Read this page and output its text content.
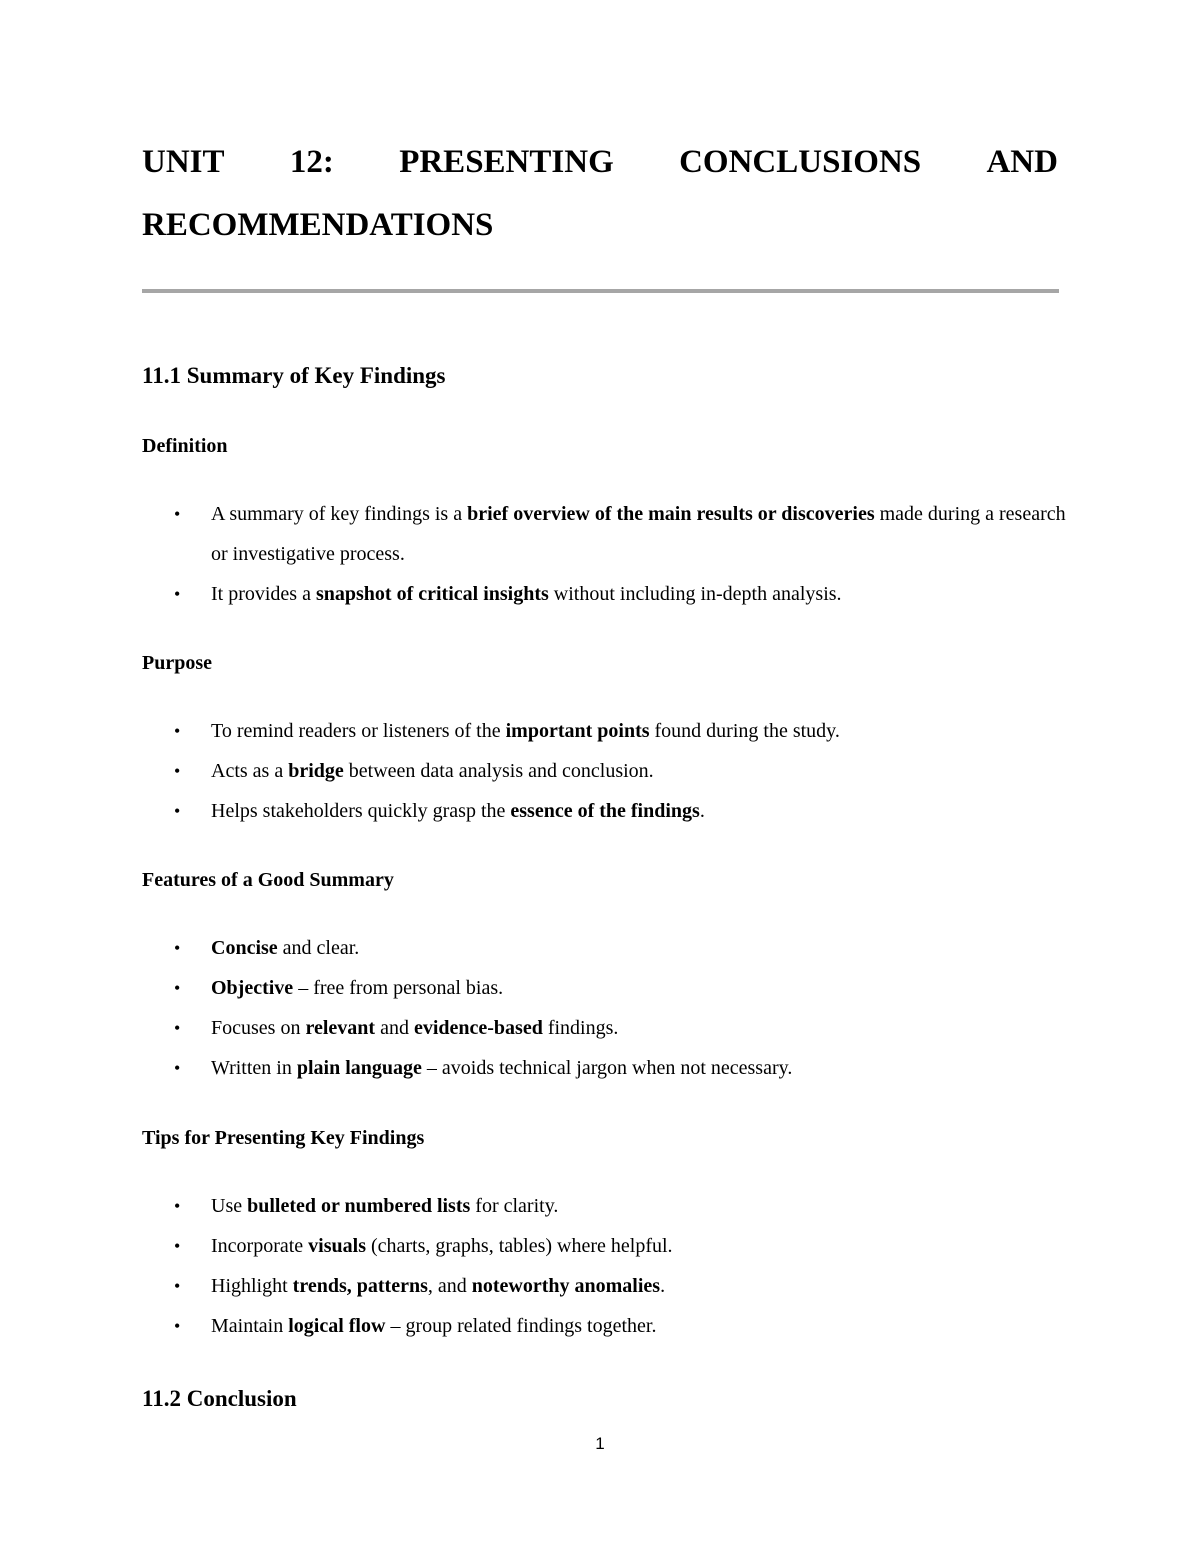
UNIT 12: PRESENTING CONCLUSIONS AND
RECOMMENDATIONS
11.1 Summary of Key Findings
Definition
• A summary of key findings is a brief overview of the main results or discoveries made during a research or investigative process.
• It provides a snapshot of critical insights without including in-depth analysis.
Purpose
• To remind readers or listeners of the important points found during the study.
• Acts as a bridge between data analysis and conclusion.
• Helps stakeholders quickly grasp the essence of the findings.
Features of a Good Summary
• Concise and clear.
• Objective – free from personal bias.
• Focuses on relevant and evidence-based findings.
• Written in plain language – avoids technical jargon when not necessary.
Tips for Presenting Key Findings
• Use bulleted or numbered lists for clarity.
• Incorporate visuals (charts, graphs, tables) where helpful.
• Highlight trends, patterns, and noteworthy anomalies.
• Maintain logical flow – group related findings together.
11.2 Conclusion
1
